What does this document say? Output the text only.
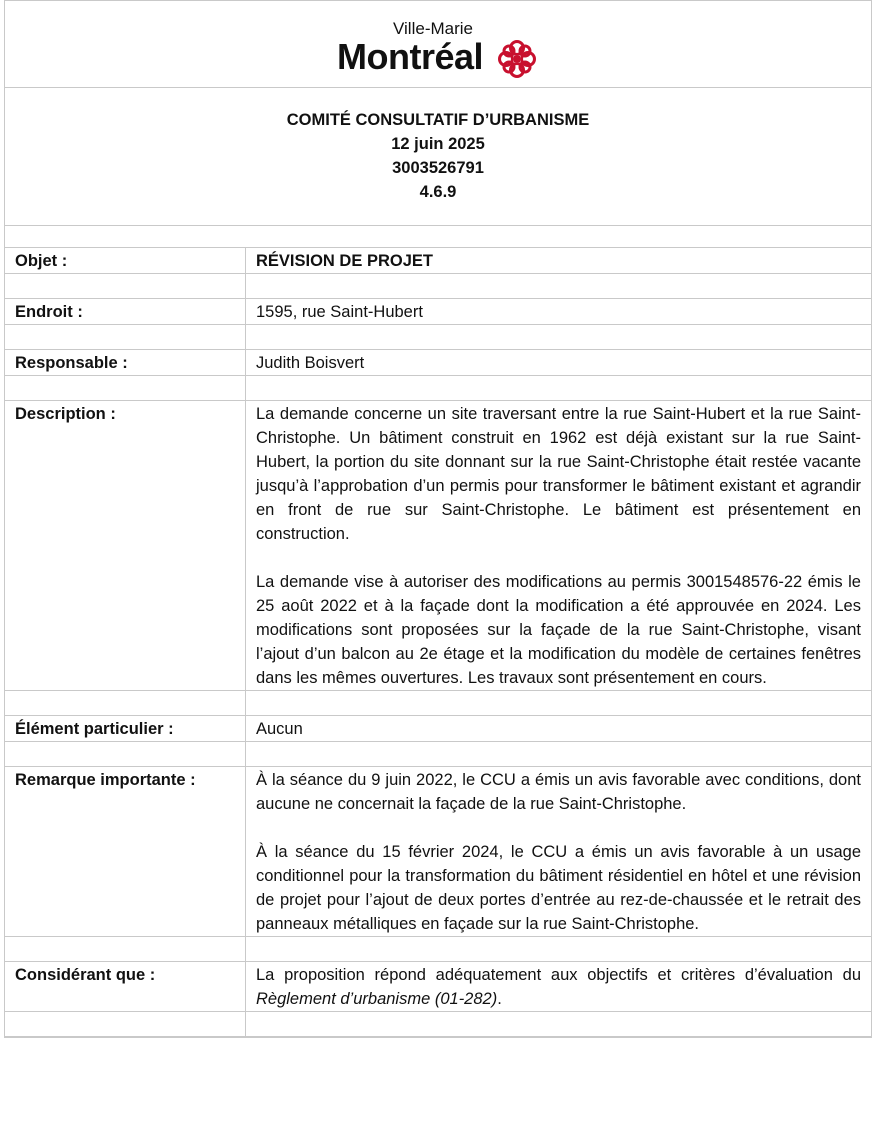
Ville-Marie
Montréal
COMITÉ CONSULTATIF D’URBANISME
12 juin 2025
3003526791
4.6.9
Objet :	RÉVISION DE PROJET
Endroit :	1595, rue Saint-Hubert
Responsable :	Judith Boisvert
Description :	La demande concerne un site traversant entre la rue Saint-Hubert et la rue Saint-Christophe. Un bâtiment construit en 1962 est déjà existant sur la rue Saint-Hubert, la portion du site donnant sur la rue Saint-Christophe était restée vacante jusqu’à l’approbation d’un permis pour transformer le bâtiment existant et agrandir en front de rue sur Saint-Christophe. Le bâtiment est présentement en construction.

La demande vise à autoriser des modifications au permis 3001548576-22 émis le 25 août 2022 et à la façade dont la modification a été approuvée en 2024. Les modifications sont proposées sur la façade de la rue Saint-Christophe, visant l’ajout d’un balcon au 2e étage et la modification du modèle de certaines fenêtres dans les mêmes ouvertures. Les travaux sont présentement en cours.

Élément particulier :	Aucun
Remarque importante :	À la séance du 9 juin 2022, le CCU a émis un avis favorable avec conditions, dont aucune ne concernait la façade de la rue Saint-Christophe.

À la séance du 15 février 2024, le CCU a émis un avis favorable à un usage conditionnel pour la transformation du bâtiment résidentiel en hôtel et une révision de projet pour l’ajout de deux portes d’entrée au rez-de-chaussée et le retrait des panneaux métalliques en façade sur la rue Saint-Christophe.

Considérant que :	La proposition répond adéquatement aux objectifs et critères d’évaluation du Règlement d’urbanisme (01-282).
